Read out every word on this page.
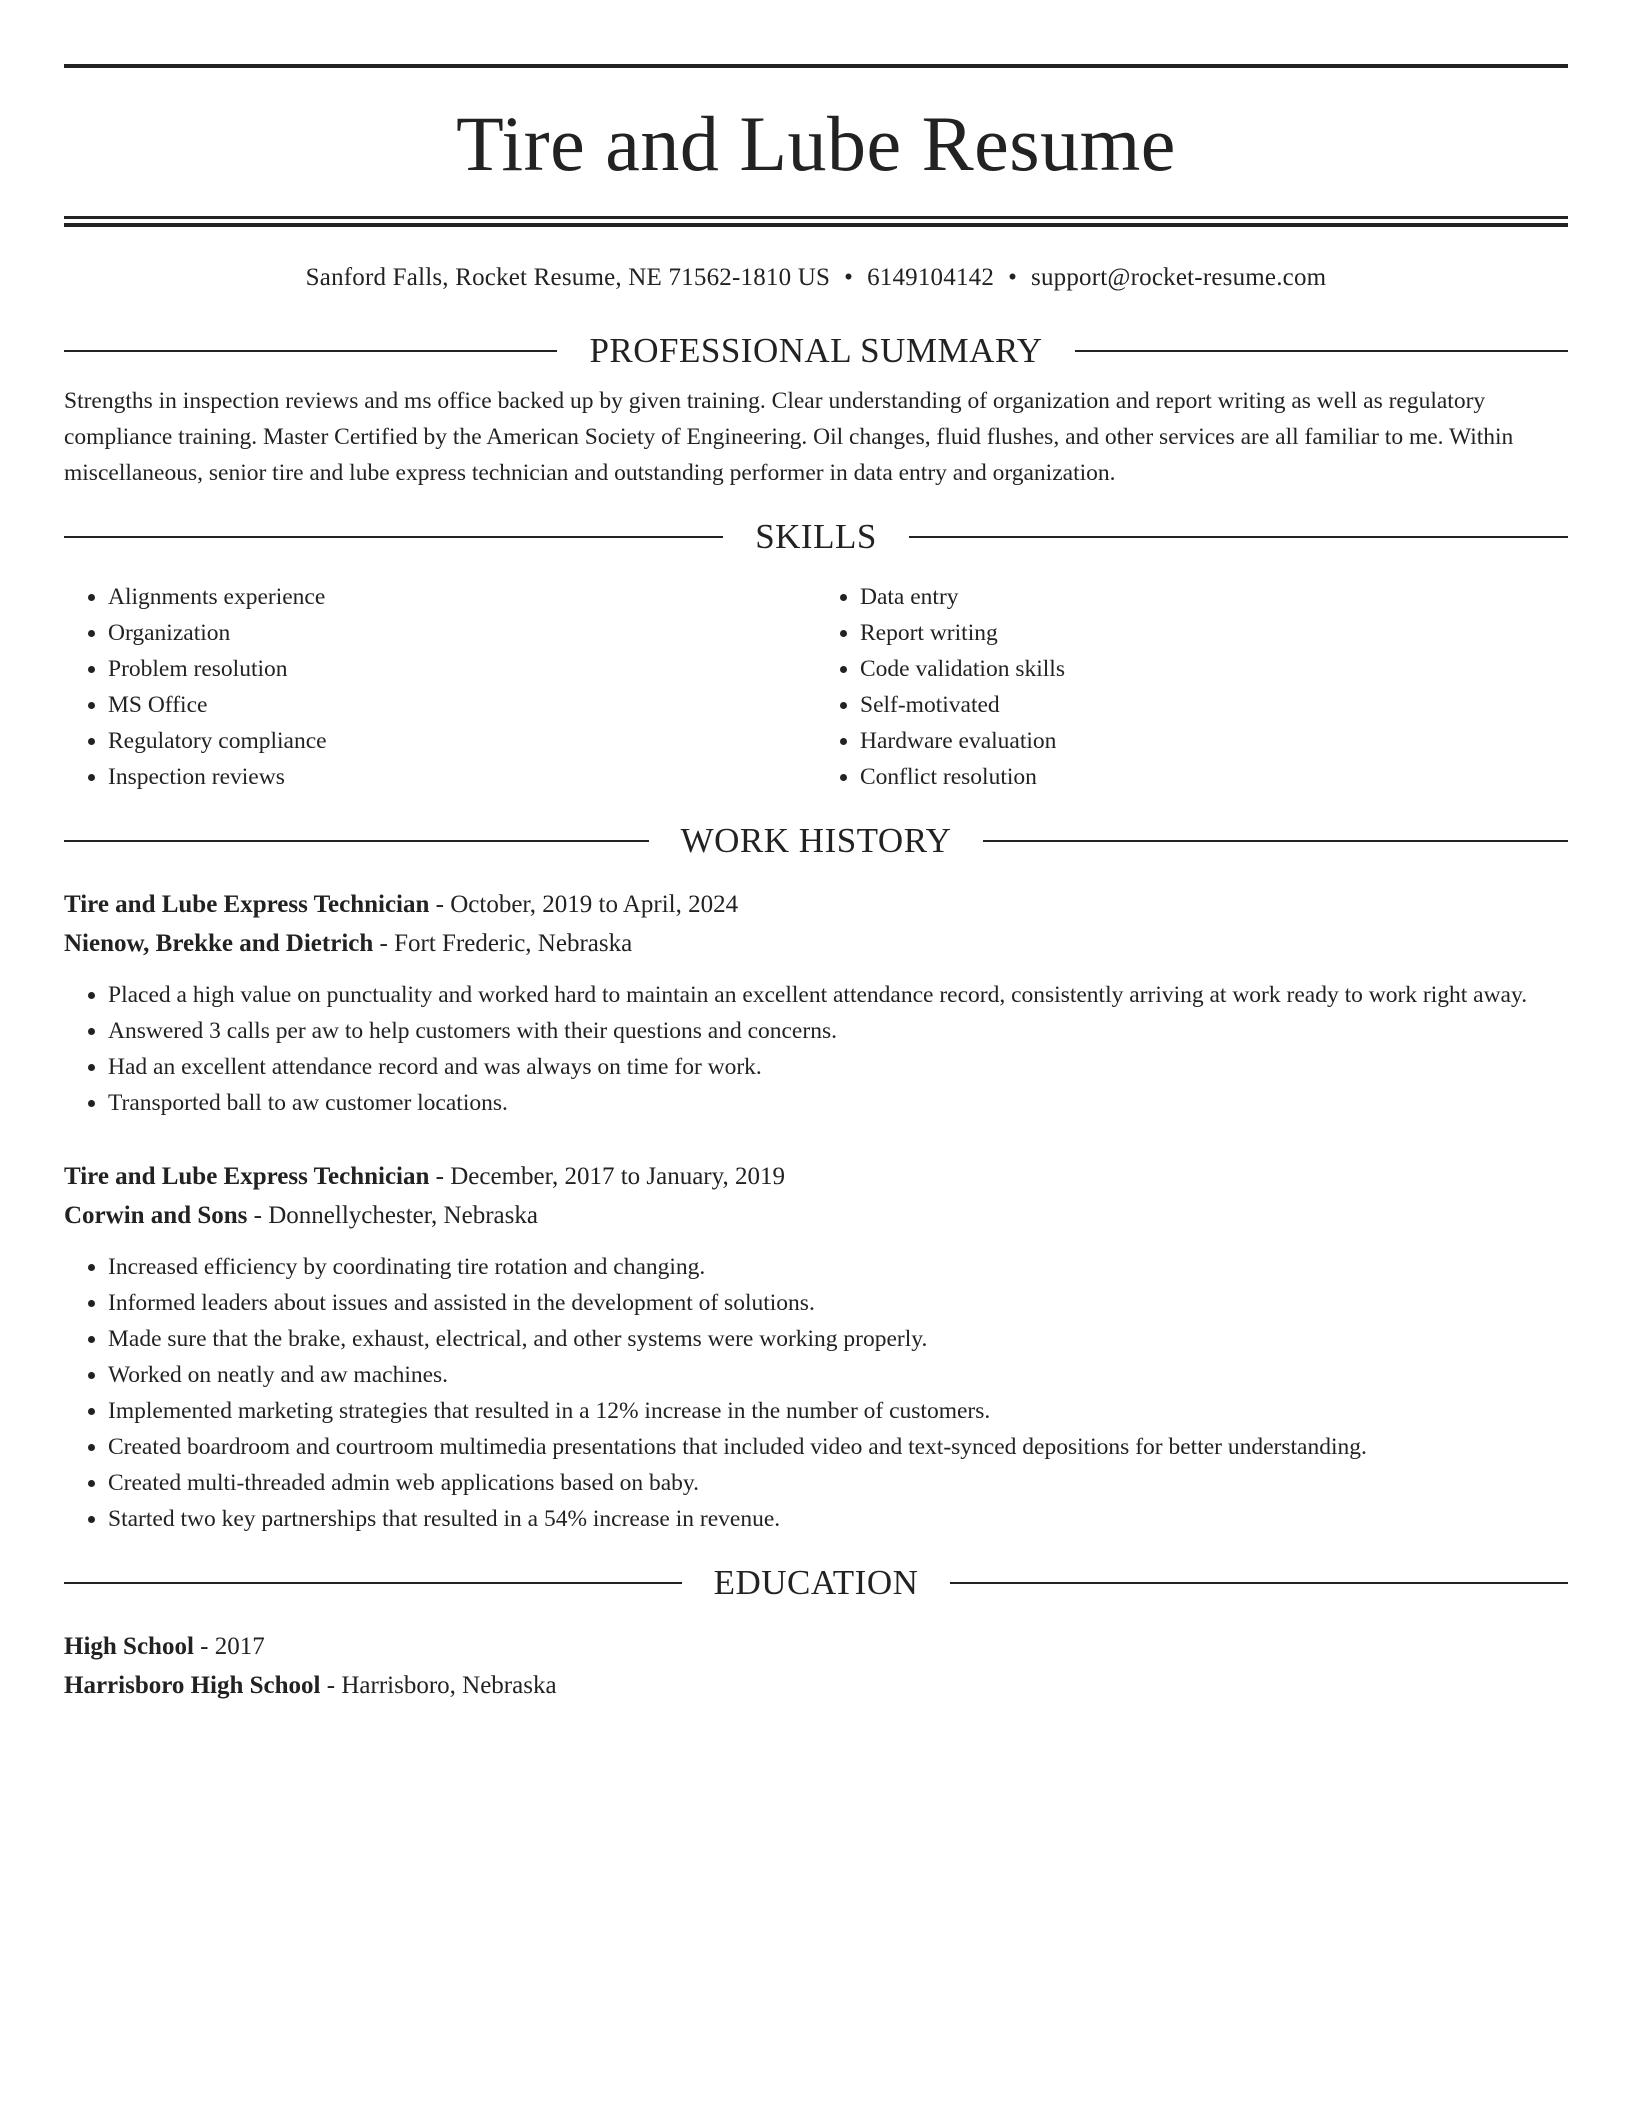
Tire and Lube Resume
Sanford Falls, Rocket Resume, NE 71562-1810 US • 6149104142 • support@rocket-resume.com
PROFESSIONAL SUMMARY
Strengths in inspection reviews and ms office backed up by given training. Clear understanding of organization and report writing as well as regulatory compliance training. Master Certified by the American Society of Engineering. Oil changes, fluid flushes, and other services are all familiar to me. Within miscellaneous, senior tire and lube express technician and outstanding performer in data entry and organization.
SKILLS
• Alignments experience
• Organization
• Problem resolution
• MS Office
• Regulatory compliance
• Inspection reviews
• Data entry
• Report writing
• Code validation skills
• Self-motivated
• Hardware evaluation
• Conflict resolution
WORK HISTORY
Tire and Lube Express Technician - October, 2019 to April, 2024
Nienow, Brekke and Dietrich - Fort Frederic, Nebraska
• Placed a high value on punctuality and worked hard to maintain an excellent attendance record, consistently arriving at work ready to work right away.
• Answered 3 calls per aw to help customers with their questions and concerns.
• Had an excellent attendance record and was always on time for work.
• Transported ball to aw customer locations.
Tire and Lube Express Technician - December, 2017 to January, 2019
Corwin and Sons - Donnellychester, Nebraska
• Increased efficiency by coordinating tire rotation and changing.
• Informed leaders about issues and assisted in the development of solutions.
• Made sure that the brake, exhaust, electrical, and other systems were working properly.
• Worked on neatly and aw machines.
• Implemented marketing strategies that resulted in a 12% increase in the number of customers.
• Created boardroom and courtroom multimedia presentations that included video and text-synced depositions for better understanding.
• Created multi-threaded admin web applications based on baby.
• Started two key partnerships that resulted in a 54% increase in revenue.
EDUCATION
High School - 2017
Harrisboro High School - Harrisboro, Nebraska
